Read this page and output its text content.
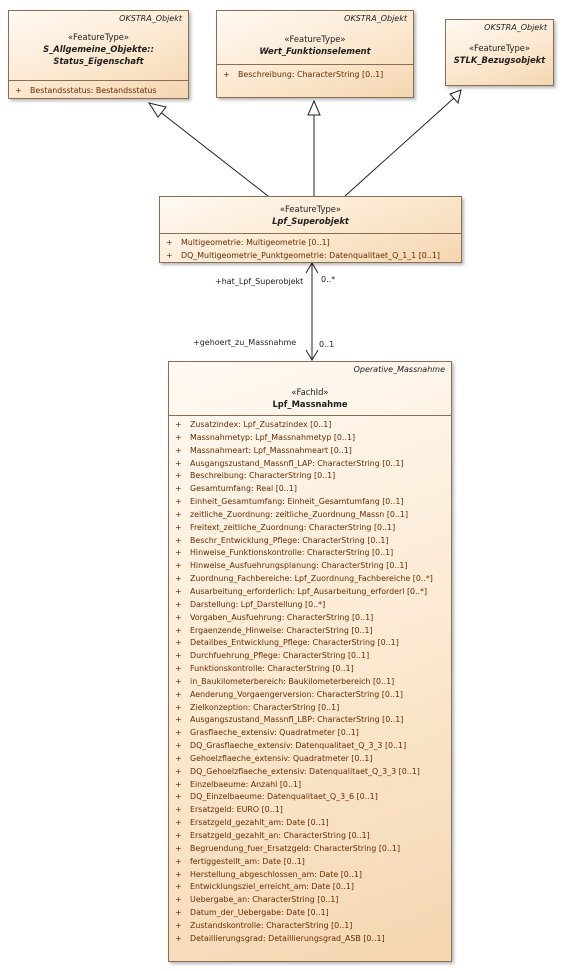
OKSTRA_Objekt
«FeatureType»
S_Allgemeine_Objekte::
Status_Eigenschaft
+ Bestandsstatus: Bestandsstatus
OKSTRA_Objekt
«FeatureType»
Wert_Funktionselement
+ Beschreibung: CharacterString [0..1]
OKSTRA_Objekt
«FeatureType»
STLK_Bezugsobjekt
«FeatureType»
Lpf_Superobjekt
+ Multigeometrie: Multigeometrie [0..1]
+ DQ_Multigeometrie_Punktgeometrie: Datenqualitaet_Q_1_1 [0..1]
+hat_Lpf_Superobjekt 0..*
+gehoert_zu_Massnahme	0..1
Operative_Massnahme
«FachId»
Lpf_Massnahme
+ Zusatzindex: Lpf_Zusatzindex [0..1]
+ Massnahmetyp: Lpf_Massnahmetyp [0..1]
+ Massnahmeart: Lpf_Massnahmeart [0..1]
+ Ausgangszustand_Massnfl_LAP: CharacterString [0..1]
+ Beschreibung: CharacterString [0..1]
+ Gesamtumfang: Real [0..1]
+ Einheit_Gesamtumfang: Einheit_Gesamtumfang [0..1]
+ zeitliche_Zuordnung: zeitliche_Zuordnung_Massn [0..1]
+ Freitext_zeitliche_Zuordnung: CharacterString [0..1]
+ Beschr_Entwicklung_Pflege: CharacterString [0..1]
+ Hinweise_Funktionskontrolle: CharacterString [0..1]
+ Hinweise_Ausfuehrungsplanung: CharacterString [0..1]
+ Zuordnung_Fachbereiche: Lpf_Zuordnung_Fachbereiche [0..*]
+ Ausarbeitung_erforderlich: Lpf_Ausarbeitung_erforderl [0..*]
+ Darstellung: Lpf_Darstellung [0..*]
+ Vorgaben_Ausfuehrung: CharacterString [0..1]
+ Ergaenzende_Hinweise: CharacterString [0..1]
+ Detailbes_Entwicklung_Pflege: CharacterString [0..1]
+ Durchfuehrung_Pflege: CharacterString [0..1]
+ Funktionskontrolle: CharacterString [0..1]
+ in_Baukilometerbereich: Baukilometerbereich [0..1]
+ Aenderung_Vorgaengerversion: CharacterString [0..1]
+ Zielkonzeption: CharacterString [0..1]
+ Ausgangszustand_Massnfl_LBP: CharacterString [0..1]
+ Grasflaeche_extensiv: Quadratmeter [0..1]
+ DQ_Grasflaeche_extensiv: Datenqualitaet_Q_3_3 [0..1]
+ Gehoelzflaeche_extensiv: Quadratmeter [0..1]
+ DQ_Gehoelzflaeche_extensiv: Datenqualitaet_Q_3_3 [0..1]
+ Einzelbaeume: Anzahl [0..1]
+ DQ_Einzelbaeume: Datenqualitaet_Q_3_6 [0..1]
+ Ersatzgeld: EURO [0..1]
+ Ersatzgeld_gezahlt_am: Date [0..1]
+ Ersatzgeld_gezahlt_an: CharacterString [0..1]
+ Begruendung_fuer_Ersatzgeld: CharacterString [0..1]
+ fertiggestellt_am: Date [0..1]
+ Herstellung_abgeschlossen_am: Date [0..1]
+ Entwicklungsziel_erreicht_am: Date [0..1]
+ Uebergabe_an: CharacterString [0..1]
+ Datum_der_Uebergabe: Date [0..1]
+ Zustandskontrolle: CharacterString [0..1]
+ Detaillierungsgrad: Detaillierungsgrad_ASB [0..1]
